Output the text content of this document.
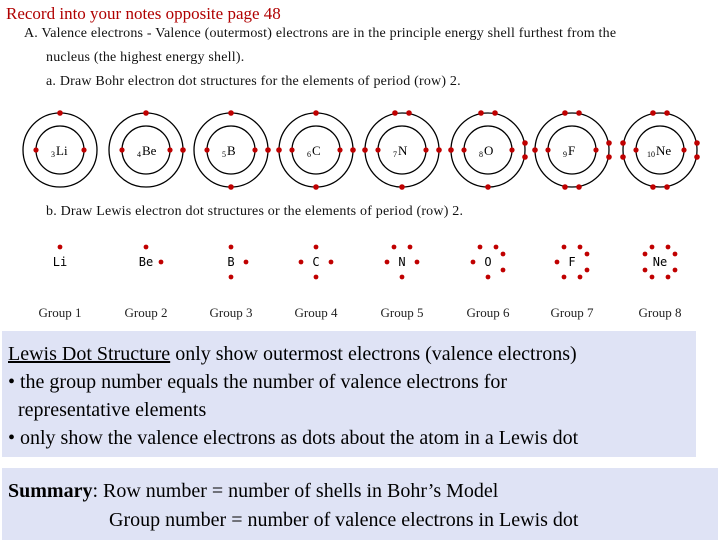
Record into your notes opposite page 48
A. Valence electrons - Valence (outermost) electrons are in the principle energy shell furthest from the
nucleus (the highest energy shell).
a. Draw Bohr electron dot structures for the elements of period (row) 2.
3 Li	4 Be	5 B	6 C	7 N	8 O	9 F	10 Ne
b. Draw Lewis electron dot structures or the elements of period (row) 2.
Li	Be	B	C	N	O	F	Ne
Group 1	Group 2	Group 3	Group 4	Group 5	Group 6	Group 7	Group 8
Lewis Dot Structure only show outermost electrons (valence electrons)
• the group number equals the number of valence electrons for
representative elements
• only show the valence electrons as dots about the atom in a Lewis dot
Summary: Row number = number of shells in Bohr’s Model
Group number = number of valence electrons in Lewis dot
